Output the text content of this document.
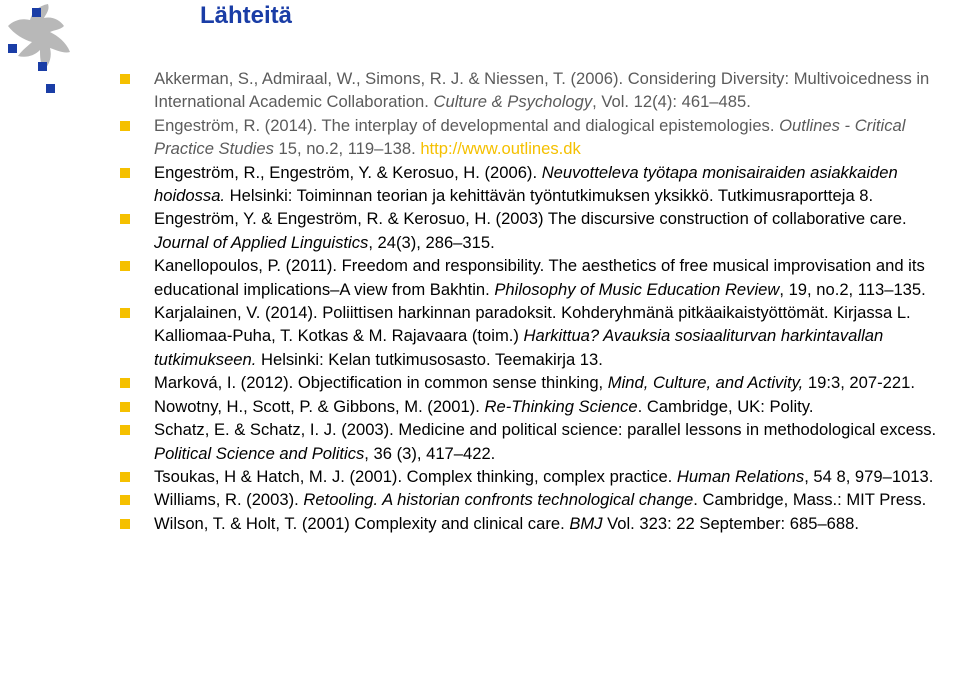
Lähteitä
Akkerman, S., Admiraal, W., Simons, R. J. & Niessen, T. (2006). Considering Diversity: Multivoicedness in International Academic Collaboration. Culture & Psychology, Vol. 12(4): 461–485.
Engeström, R. (2014). The interplay of developmental and dialogical epistemologies. Outlines - Critical Practice Studies 15, no.2, 119–138. http://www.outlines.dk
Engeström, R., Engeström, Y. & Kerosuo, H. (2006). Neuvotteleva työtapa monisairaiden asiakkaiden hoidossa. Helsinki: Toiminnan teorian ja kehittävän työntutkimuksen yksikkö. Tutkimusraportteja 8.
Engeström, Y. & Engeström, R. & Kerosuo, H. (2003) The discursive construction of collaborative care. Journal of Applied Linguistics, 24(3), 286–315.
Kanellopoulos, P. (2011). Freedom and responsibility. The aesthetics of free musical improvisation and its educational implications–A view from Bakhtin. Philosophy of Music Education Review, 19, no.2, 113–135.
Karjalainen, V. (2014). Poliittisen harkinnan paradoksit. Kohderyhmänä pitkäaikaistyöttömät. Kirjassa L. Kalliomaa-Puha, T. Kotkas & M. Rajavaara (toim.) Harkittua? Avauksia sosiaaliturvan harkintavallan tutkimukseen. Helsinki: Kelan tutkimusosasto. Teemakirja 13.
Marková, I. (2012). Objectification in common sense thinking, Mind, Culture, and Activity, 19:3, 207-221.
Nowotny, H., Scott, P. & Gibbons, M. (2001). Re-Thinking Science. Cambridge, UK: Polity.
Schatz, E. & Schatz, I. J. (2003). Medicine and political science: parallel lessons in methodological excess. Political Science and Politics, 36 (3), 417–422.
Tsoukas, H & Hatch, M. J. (2001). Complex thinking, complex practice. Human Relations, 54 8, 979–1013.
Williams, R. (2003). Retooling. A historian confronts technological change. Cambridge, Mass.: MIT Press.
Wilson, T. & Holt, T. (2001) Complexity and clinical care. BMJ Vol. 323: 22 September: 685–688.
